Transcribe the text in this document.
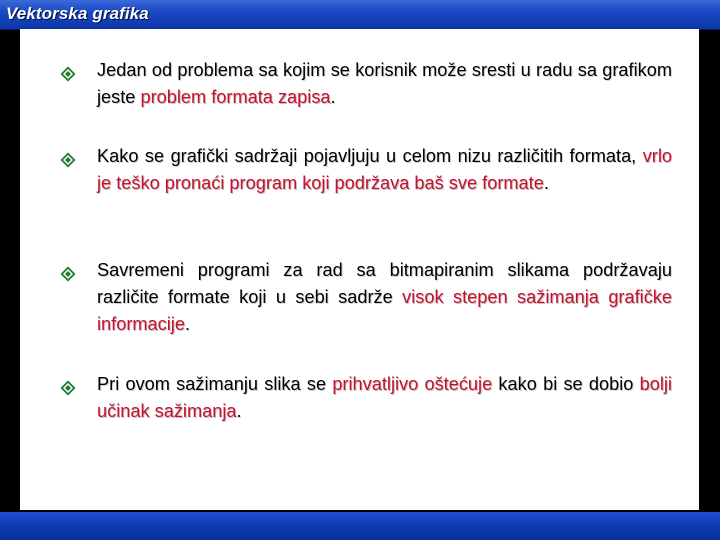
Vektorska grafika
Jedan od problema sa kojim se korisnik može sresti u radu sa grafikom jeste problem formata zapisa.
Kako se grafički sadržaji pojavljuju u celom nizu različitih formata, vrlo je teško pronaći program koji podržava baš sve formate.
Savremeni programi za rad sa bitmapiranim slikama podržavaju različite formate koji u sebi sadrže visok stepen sažimanja grafičke informacije.
Pri ovom sažimanju slika se prihvatljivo oštećuje kako bi se dobio bolji učinak sažimanja.
